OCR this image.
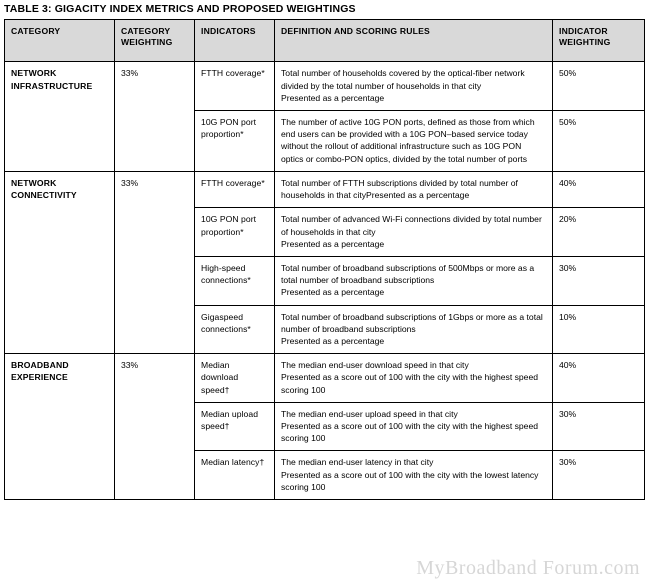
TABLE 3: GIGACITY INDEX METRICS AND PROPOSED WEIGHTINGS
CATEGORY	CATEGORY WEIGHTING	INDICATORS	DEFINITION AND SCORING RULES	INDICATOR WEIGHTING
NETWORK INFRASTRUCTURE	33%	FTTH coverage*	Total number of households covered by the optical-fiber network divided by the total number of households in that city
Presented as a percentage	50%
		10G PON port proportion*	The number of active 10G PON ports, defined as those from which end users can be provided with a 10G PON–based service today without the rollout of additional infrastructure such as 10G PON optics or combo-PON optics, divided by the total number of ports	50%
NETWORK CONNECTIVITY	33%	FTTH coverage*	Total number of FTTH subscriptions divided by total number of households in that cityPresented as a percentage	40%
		10G PON port proportion*	Total number of advanced Wi-Fi connections divided by total number of households in that city
Presented as a percentage	20%
		High-speed connections*	Total number of broadband subscriptions of 500Mbps or more as a total number of broadband subscriptions
Presented as a percentage	30%
		Gigaspeed connections*	Total number of broadband subscriptions of 1Gbps or more as a total number of broadband subscriptions
Presented as a percentage	10%
BROADBAND EXPERIENCE	33%	Median download speed†	The median end-user download speed in that city
Presented as a score out of 100 with the city with the highest speed scoring 100	40%
		Median upload speed†	The median end-user upload speed in that city
Presented as a score out of 100 with the city with the highest speed scoring 100	30%
		Median latency†	The median end-user latency in that city
Presented as a score out of 100 with the city with the lowest latency scoring 100	30%
MyBroadband Forum.com
